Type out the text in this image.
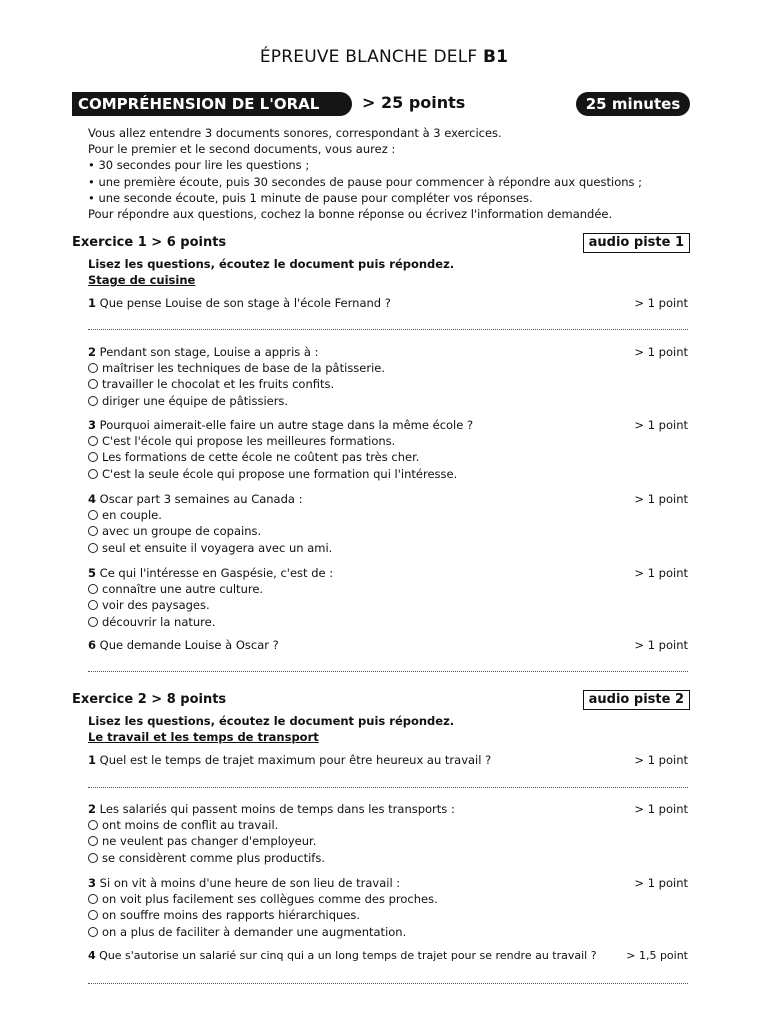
ÉPREUVE BLANCHE DELF B1
COMPRÉHENSION DE L'ORAL	> 25 points	25 minutes
Vous allez entendre 3 documents sonores, correspondant à 3 exercices.
Pour le premier et le second documents, vous aurez :
• 30 secondes pour lire les questions ;
• une première écoute, puis 30 secondes de pause pour commencer à répondre aux questions ;
• une seconde écoute, puis 1 minute de pause pour compléter vos réponses.
Pour répondre aux questions, cochez la bonne réponse ou écrivez l'information demandée.
Exercice 1 > 6 points	audio piste 1
Lisez les questions, écoutez le document puis répondez.
Stage de cuisine
1 Que pense Louise de son stage à l'école Fernand ?	> 1 point
2 Pendant son stage, Louise a appris à :	> 1 point
maîtriser les techniques de base de la pâtisserie.
travailler le chocolat et les fruits confits.
diriger une équipe de pâtissiers.
3 Pourquoi aimerait-elle faire un autre stage dans la même école ?	> 1 point
C'est l'école qui propose les meilleures formations.
Les formations de cette école ne coûtent pas très cher.
C'est la seule école qui propose une formation qui l'intéresse.
4 Oscar part 3 semaines au Canada :	> 1 point
en couple.
avec un groupe de copains.
seul et ensuite il voyagera avec un ami.
5 Ce qui l'intéresse en Gaspésie, c'est de :	> 1 point
connaître une autre culture.
voir des paysages.
découvrir la nature.
6 Que demande Louise à Oscar ?	> 1 point
Exercice 2 > 8 points	audio piste 2
Lisez les questions, écoutez le document puis répondez.
Le travail et les temps de transport
1 Quel est le temps de trajet maximum pour être heureux au travail ?	> 1 point
2 Les salariés qui passent moins de temps dans les transports :	> 1 point
ont moins de conflit au travail.
ne veulent pas changer d'employeur.
se considèrent comme plus productifs.
3 Si on vit à moins d'une heure de son lieu de travail :	> 1 point
on voit plus facilement ses collègues comme des proches.
on souffre moins des rapports hiérarchiques.
on a plus de faciliter à demander une augmentation.
4 Que s'autorise un salarié sur cinq qui a un long temps de trajet pour se rendre au travail ?	> 1,5 point
